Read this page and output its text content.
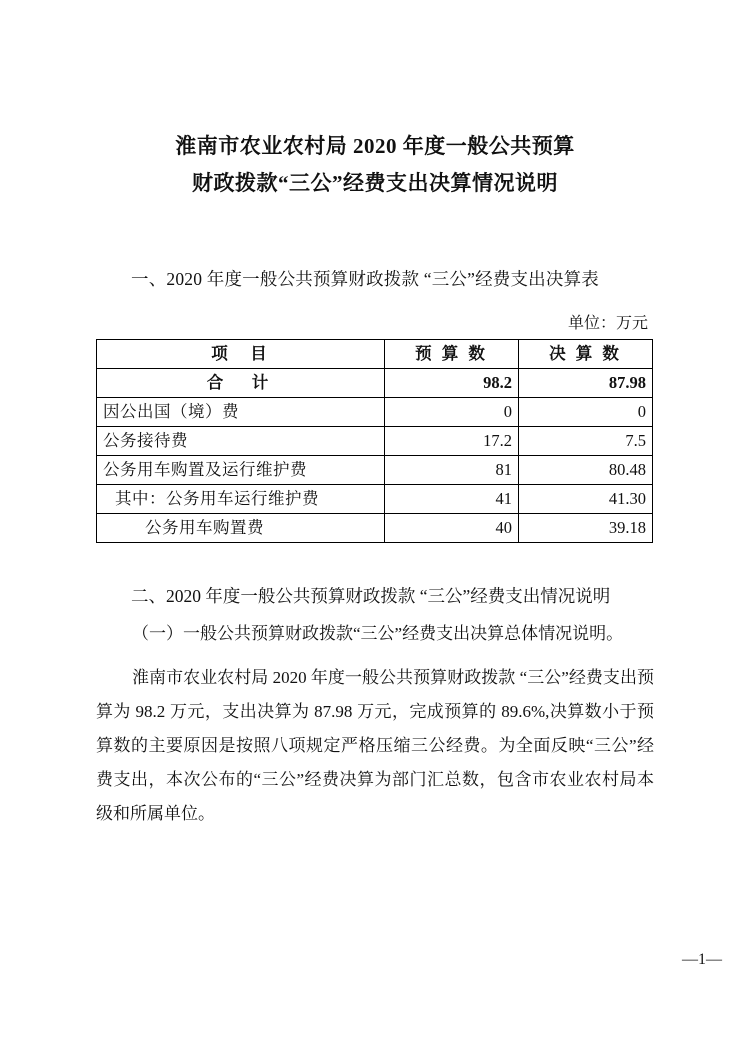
淮南市农业农村局 2020 年度一般公共预算
财政拨款“三公”经费支出决算情况说明
一、2020 年度一般公共预算财政拨款 “三公”经费支出决算表
单位：万元
项　目	预 算 数	决 算 数
合　计	98.2	87.98
因公出国（境）费	0	0
公务接待费	17.2	7.5
公务用车购置及运行维护费	81	80.48
其中：公务用车运行维护费	41	41.30
公务用车购置费	40	39.18
二、2020 年度一般公共预算财政拨款 “三公”经费支出情况说明
（一）一般公共预算财政拨款“三公”经费支出决算总体情况说明。
淮南市农业农村局 2020 年度一般公共预算财政拨款 “三公”经费支出预算为 98.2 万元，支出决算为 87.98 万元，完成预算的 89.6%,决算数小于预算数的主要原因是按照八项规定严格压缩三公经费。为全面反映“三公”经费支出，本次公布的“三公”经费决算为部门汇总数，包含市农业农村局本级和所属单位。
—1—
